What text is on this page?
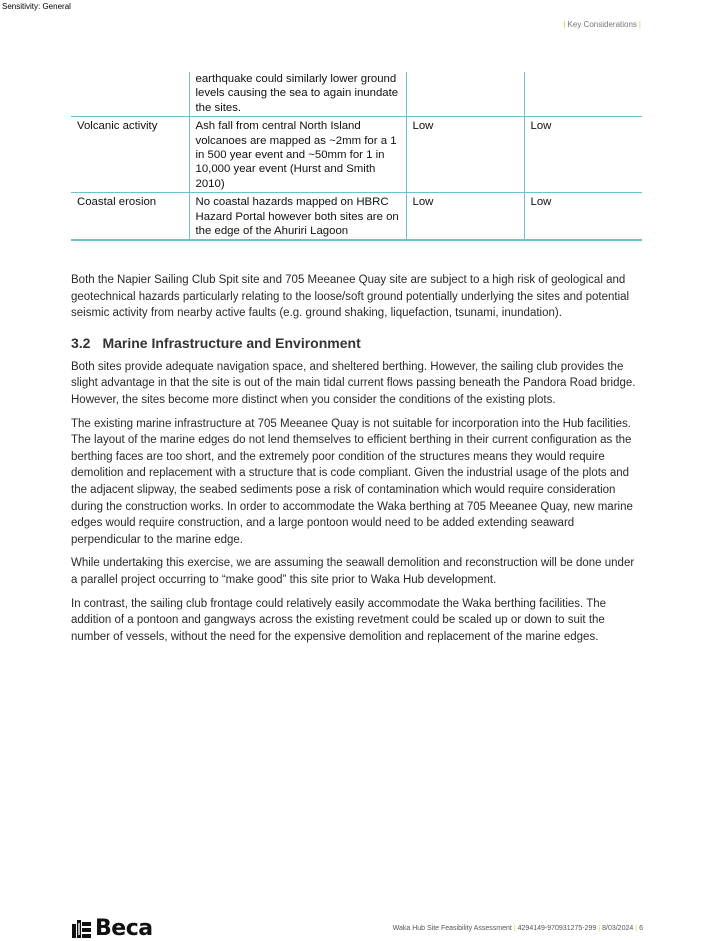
Sensitivity: General
| Key Considerations |
	earthquake could similarly lower ground levels causing the sea to again inundate the sites.		
Volcanic activity	Ash fall from central North Island volcanoes are mapped as ~2mm for a 1 in 500 year event and ~50mm for 1 in 10,000 year event (Hurst and Smith 2010)	Low	Low
Coastal erosion	No coastal hazards mapped on HBRC Hazard Portal however both sites are on the edge of the Ahuriri Lagoon	Low	Low

Both the Napier Sailing Club Spit site and 705 Meeanee Quay site are subject to a high risk of geological and geotechnical hazards particularly relating to the loose/soft ground potentially underlying the sites and potential seismic activity from nearby active faults (e.g. ground shaking, liquefaction, tsunami, inundation).

3.2 Marine Infrastructure and Environment

Both sites provide adequate navigation space, and sheltered berthing. However, the sailing club provides the slight advantage in that the site is out of the main tidal current flows passing beneath the Pandora Road bridge. However, the sites become more distinct when you consider the conditions of the existing plots.

The existing marine infrastructure at 705 Meeanee Quay is not suitable for incorporation into the Hub facilities. The layout of the marine edges do not lend themselves to efficient berthing in their current configuration as the berthing faces are too short, and the extremely poor condition of the structures means they would require demolition and replacement with a structure that is code compliant. Given the industrial usage of the plots and the adjacent slipway, the seabed sediments pose a risk of contamination which would require consideration during the construction works. In order to accommodate the Waka berthing at 705 Meeanee Quay, new marine edges would require construction, and a large pontoon would need to be added extending seaward perpendicular to the marine edge.

While undertaking this exercise, we are assuming the seawall demolition and reconstruction will be done under a parallel project occurring to “make good” this site prior to Waka Hub development.

In contrast, the sailing club frontage could relatively easily accommodate the Waka berthing facilities. The addition of a pontoon and gangways across the existing revetment could be scaled up or down to suit the number of vessels, without the need for the expensive demolition and replacement of the marine edges.

Beca	Waka Hub Site Feasibility Assessment | 4294149-970931275-299 | 8/03/2024 | 6
